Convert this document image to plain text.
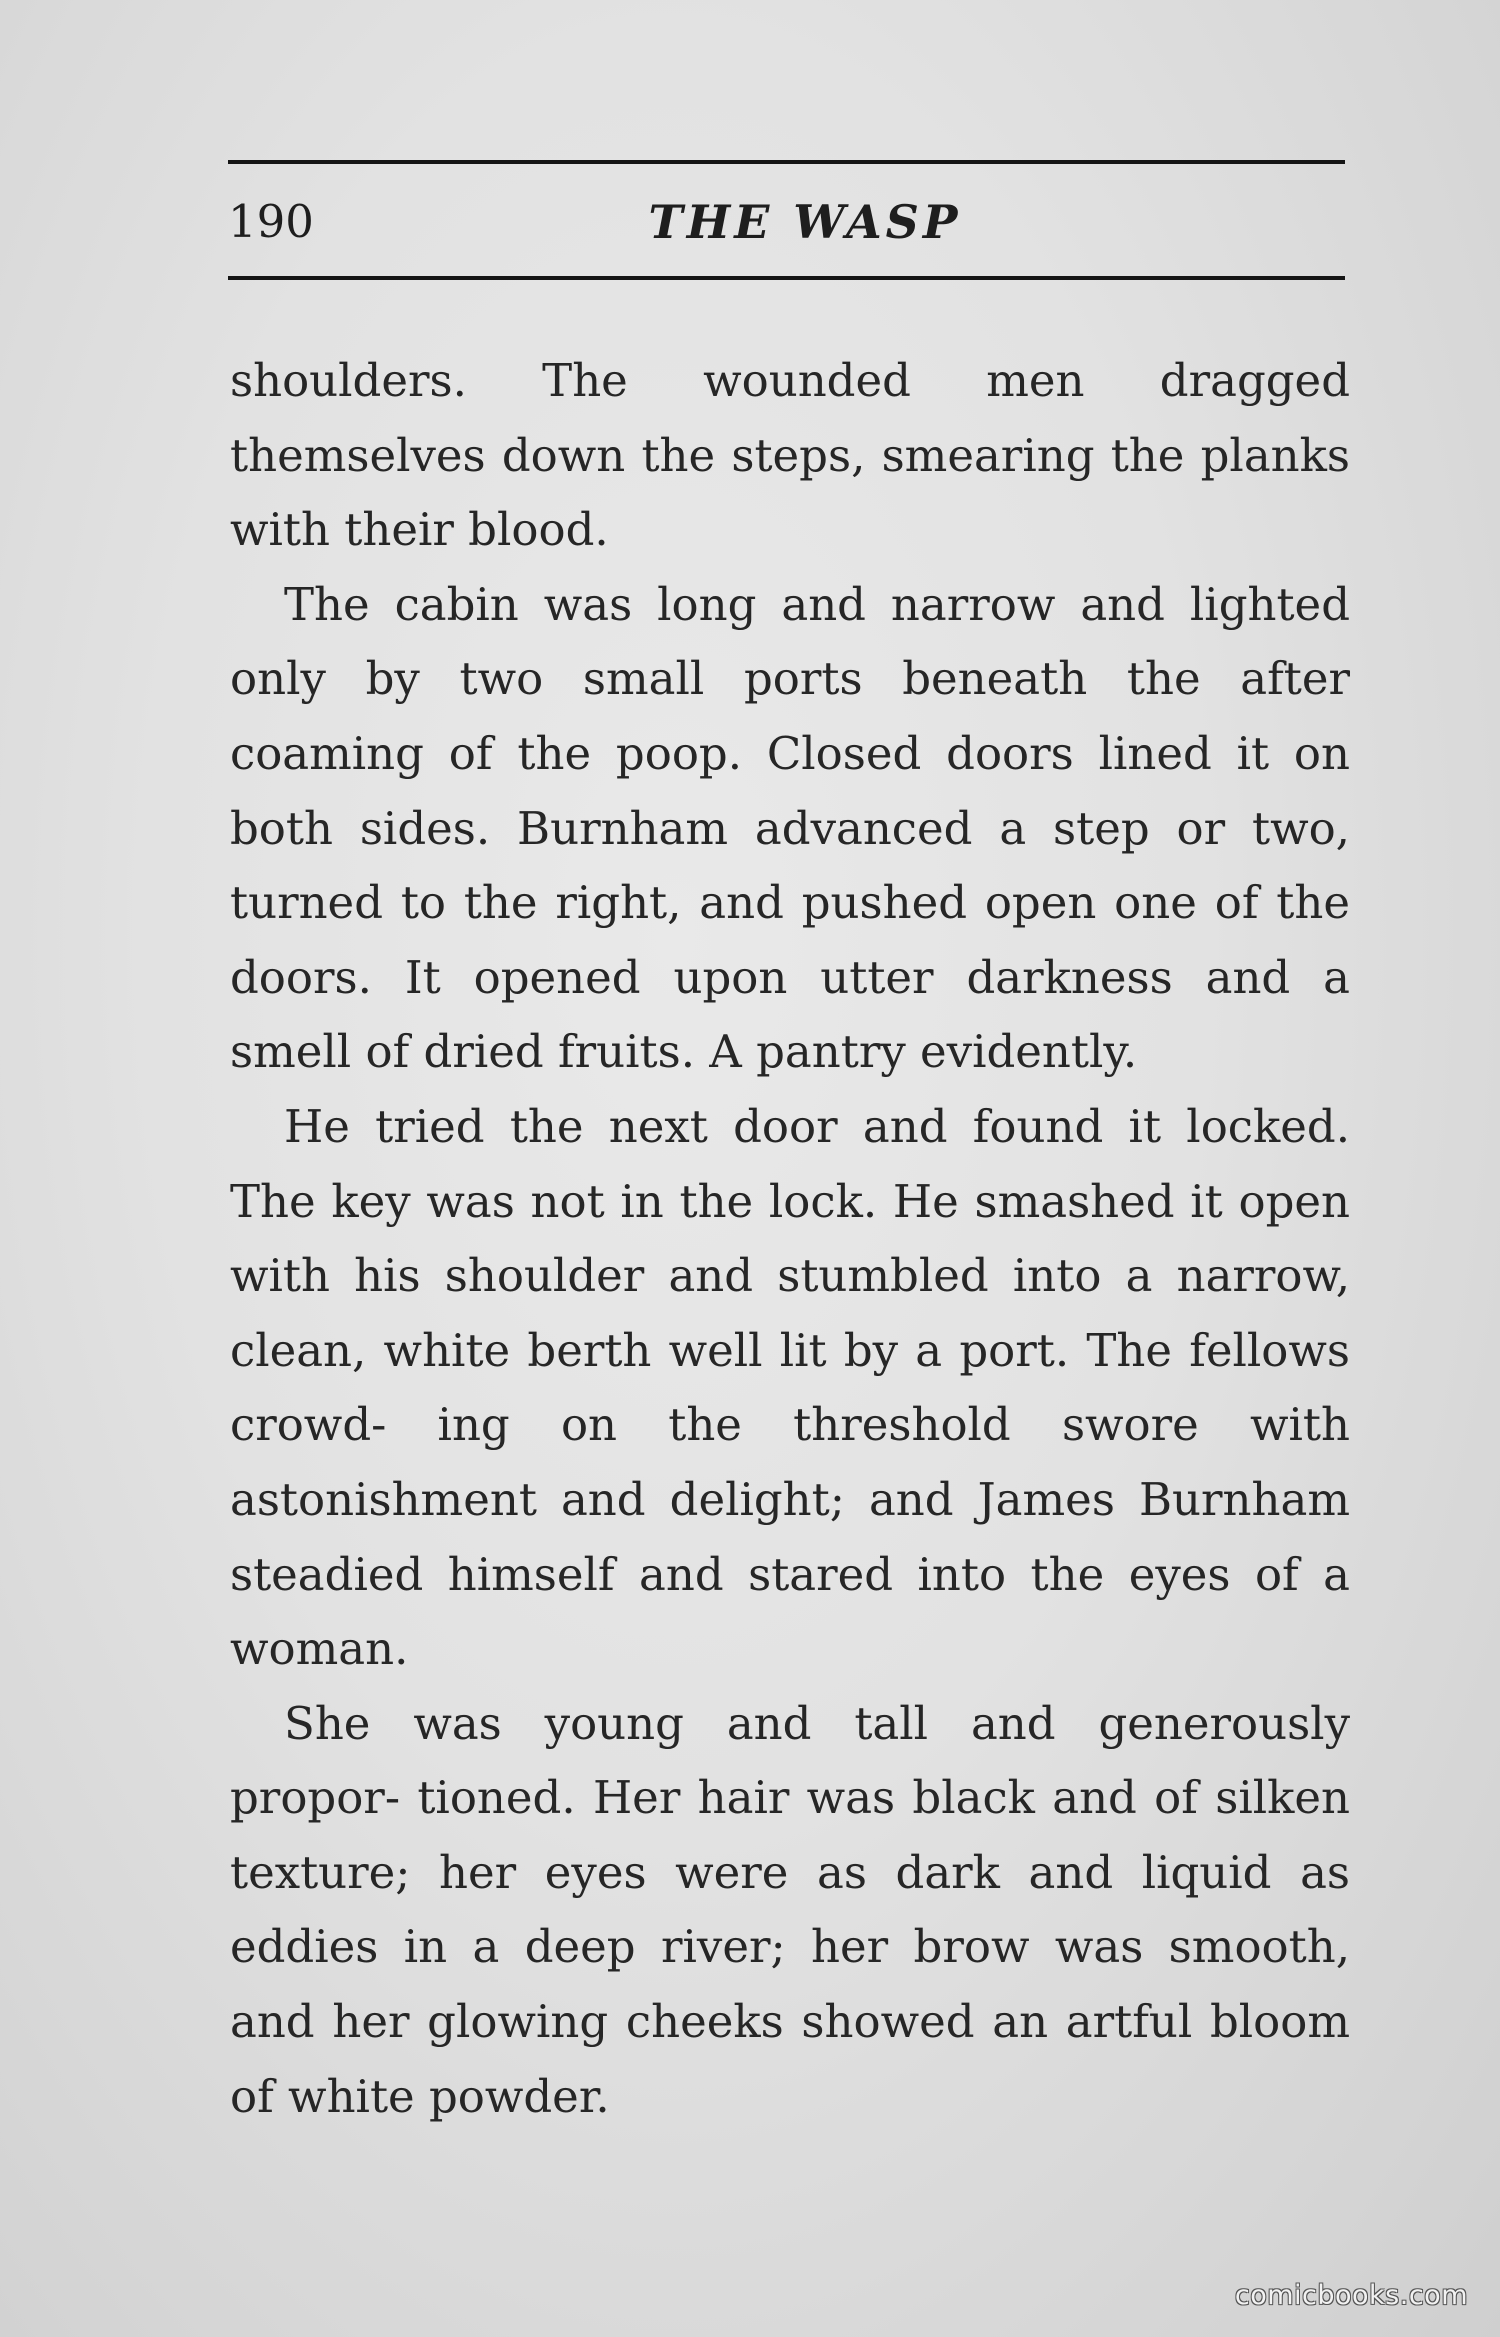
190	THE WASP

shoulders. The wounded men dragged themselves down the steps, smearing the planks with their blood.

The cabin was long and narrow and lighted only by two small ports beneath the after coaming of the poop. Closed doors lined it on both sides. Burnham advanced a step or two, turned to the right, and pushed open one of the doors. It opened upon utter darkness and a smell of dried fruits. A pantry evidently.

He tried the next door and found it locked. The key was not in the lock. He smashed it open with his shoulder and stumbled into a narrow, clean, white berth well lit by a port. The fellows crowd- ing on the threshold swore with astonishment and delight; and James Burnham steadied himself and stared into the eyes of a woman.

She was young and tall and generously propor- tioned. Her hair was black and of silken texture; her eyes were as dark and liquid as eddies in a deep river; her brow was smooth, and her glowing cheeks showed an artful bloom of white powder.

comicbooks.com
